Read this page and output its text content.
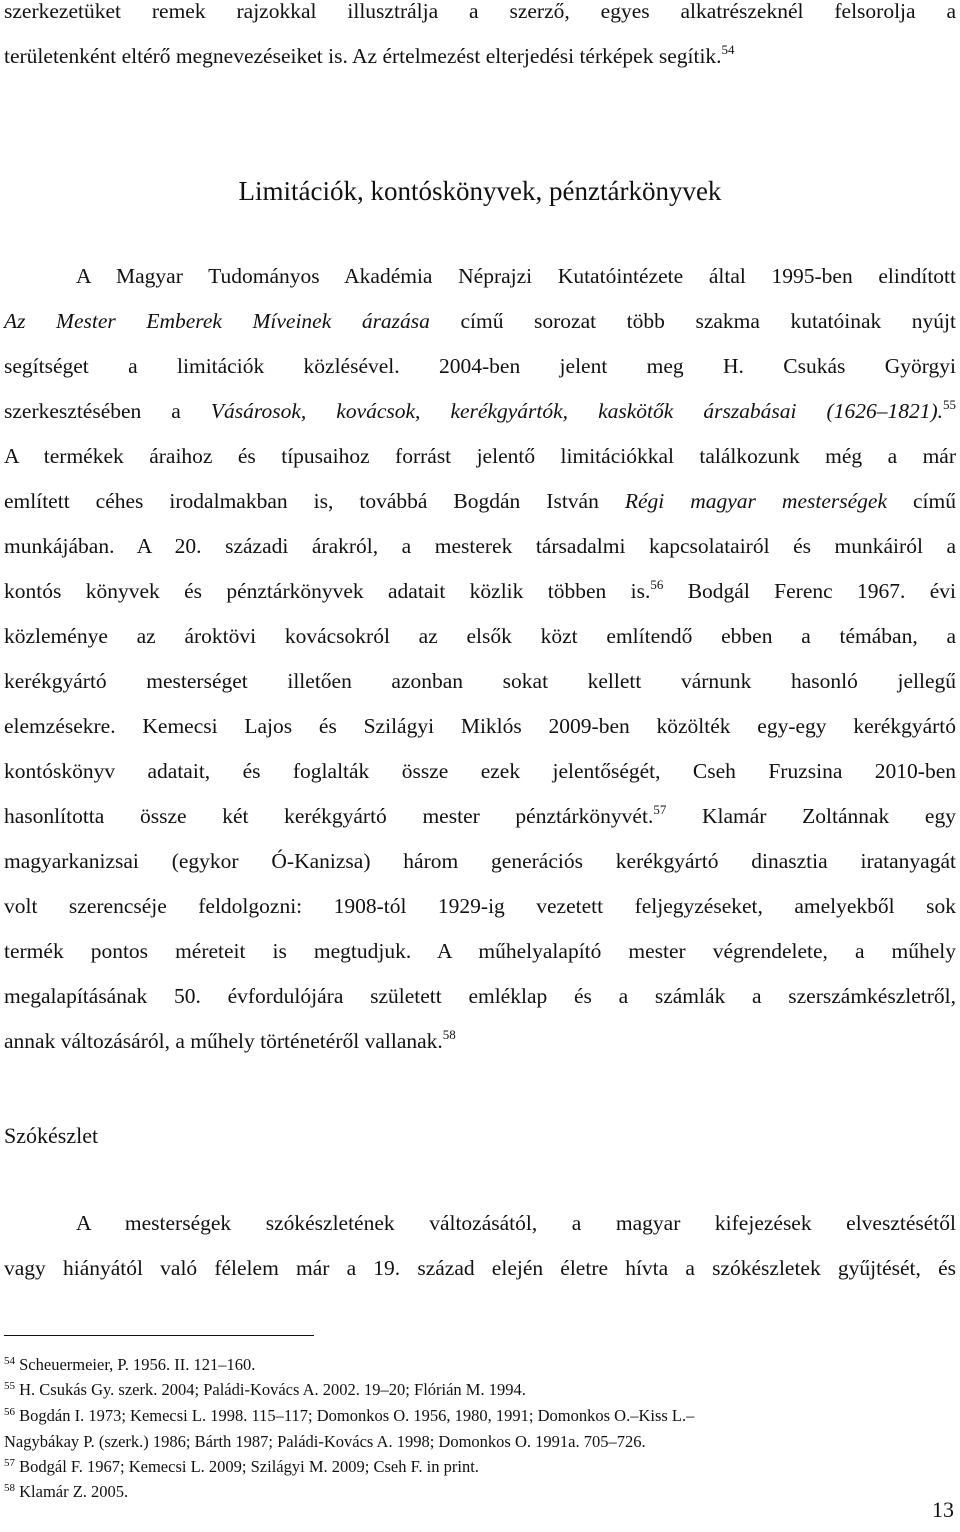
szerkezetüket remek rajzokkal illusztrálja a szerző, egyes alkatrészeknél felsorolja a
területenként eltérő megnevezéseiket is. Az értelmezést elterjedési térképek segítik.$^{54}$
Limitációk, kontóskönyvek, pénztárkönyvek
A Magyar Tudományos Akadémia Néprajzi Kutatóintézete által 1995-ben elindított
Az Mester Emberek Míveinek árazása című sorozat több szakma kutatóinak nyújt
segítséget a limitációk közlésével. 2004-ben jelent meg H. Csukás Györgyi
szerkesztésében a Vásárosok, kovácsok, kerékgyártók, kaskötők árszabásai (1626–1821).$^{55}$
A termékek áraihoz és típusaihoz forrást jelentő limitációkkal találkozunk még a már
említett céhes irodalmakban is, továbbá Bogdán István Régi magyar mesterségek című
munkájában. A 20. századi árakról, a mesterek társadalmi kapcsolatairól és munkáiról a
kontós könyvek és pénztárkönyvek adatait közlik többen is.$^{56}$ Bodgál Ferenc 1967. évi
közleménye az ároktövi kovácsokról az elsők közt említendő ebben a témában, a
kerékgyártó mesterséget illetően azonban sokat kellett várnunk hasonló jellegű
elemzésekre. Kemecsi Lajos és Szilágyi Miklós 2009-ben közölték egy-egy kerékgyártó
kontóskönyv adatait, és foglalták össze ezek jelentőségét, Cseh Fruzsina 2010-ben
hasonlította össze két kerékgyártó mester pénztárkönyvét.$^{57}$ Klamár Zoltánnak egy
magyarkanizsai (egykor Ó-Kanizsa) három generációs kerékgyártó dinasztia iratanyagát
volt szerencséje feldolgozni: 1908-tól 1929-ig vezetett feljegyzéseket, amelyekből sok
termék pontos méreteit is megtudjuk. A műhelyalapító mester végrendelete, a műhely
megalapításának 50. évfordulójára született emléklap és a számlák a szerszámkészletről,
annak változásáról, a műhely történetéről vallanak.$^{58}$
Szókészlet
A mesterségek szókészletének változásától, a magyar kifejezések elvesztésétől
vagy hiányától való félelem már a 19. század elején életre hívta a szókészletek gyűjtését, és
$^{54}$ Scheuermeier, P. 1956. II. 121–160.
$^{55}$ H. Csukás Gy. szerk. 2004; Paládi-Kovács A. 2002. 19–20; Flórián M. 1994.
$^{56}$ Bogdán I. 1973; Kemecsi L. 1998. 115–117; Domonkos O. 1956, 1980, 1991; Domonkos O.–Kiss L.–
Nagybákay P. (szerk.) 1986; Bárth 1987; Paládi-Kovács A. 1998; Domonkos O. 1991a. 705–726.
$^{57}$ Bodgál F. 1967; Kemecsi L. 2009; Szilágyi M. 2009; Cseh F. in print.
$^{58}$ Klamár Z. 2005.
13
